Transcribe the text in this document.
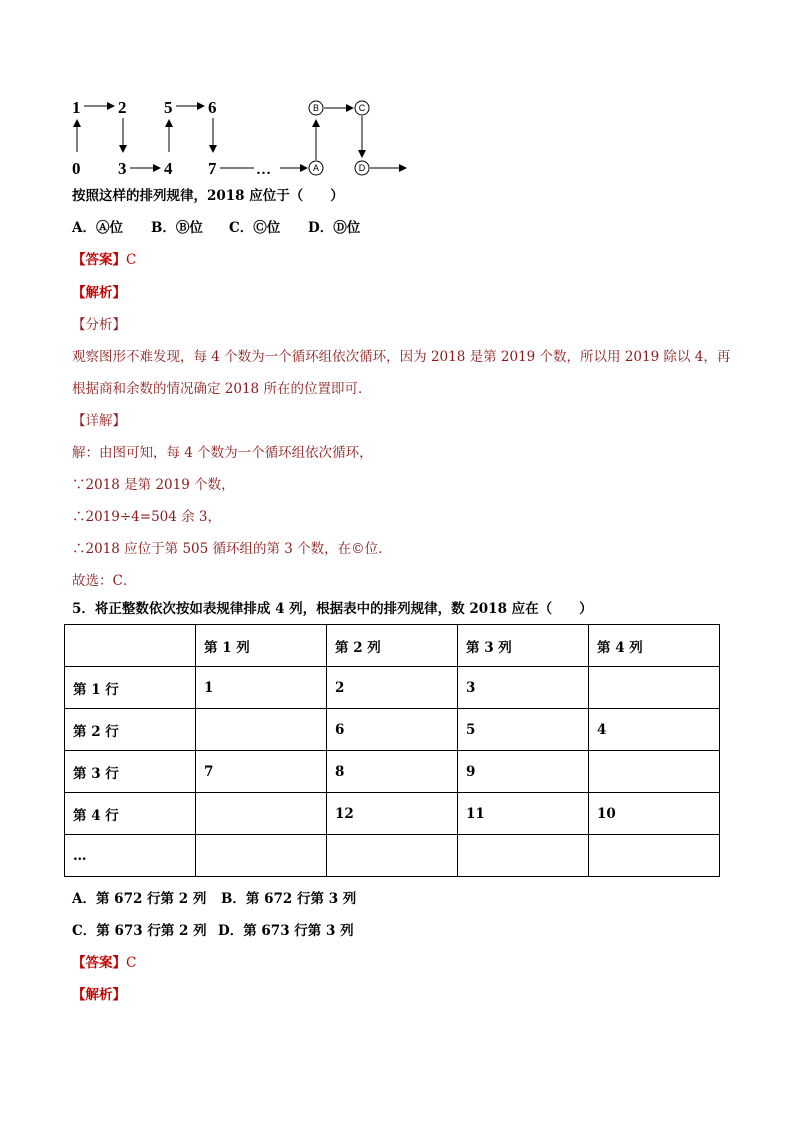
1 2 5 6
0 3 4 7	…	A
B	C
D
按照这样的排列规律，2018 应位于（　　）
A．Ⓐ位 B．Ⓑ位 C．Ⓒ位 D．Ⓓ位
【答案】C
【解析】
【分析】
观察图形不难发现，每 4 个数为一个循环组依次循环，因为 2018 是第 2019 个数，所以用 2019 除以 4，再
根据商和余数的情况确定 2018 所在的位置即可．
【详解】
解：由图可知，每 4 个数为一个循环组依次循环，
∵2018 是第 2019 个数，
∴2019÷4=504 余 3，
∴2018 应位于第 505 循环组的第 3 个数，在©位．
故选：C．
5．将正整数依次按如表规律排成 4 列，根据表中的排列规律，数 2018 应在（　　）
	第 1 列	第 2 列	第 3 列	第 4 列
第 1 行	1	2	3	
第 2 行		6	5	4
第 3 行	7	8	9	
第 4 行		12	11	10
…				
A．第 672 行第 2 列 B．第 672 行第 3 列
C．第 673 行第 2 列 D．第 673 行第 3 列
【答案】C
【解析】
